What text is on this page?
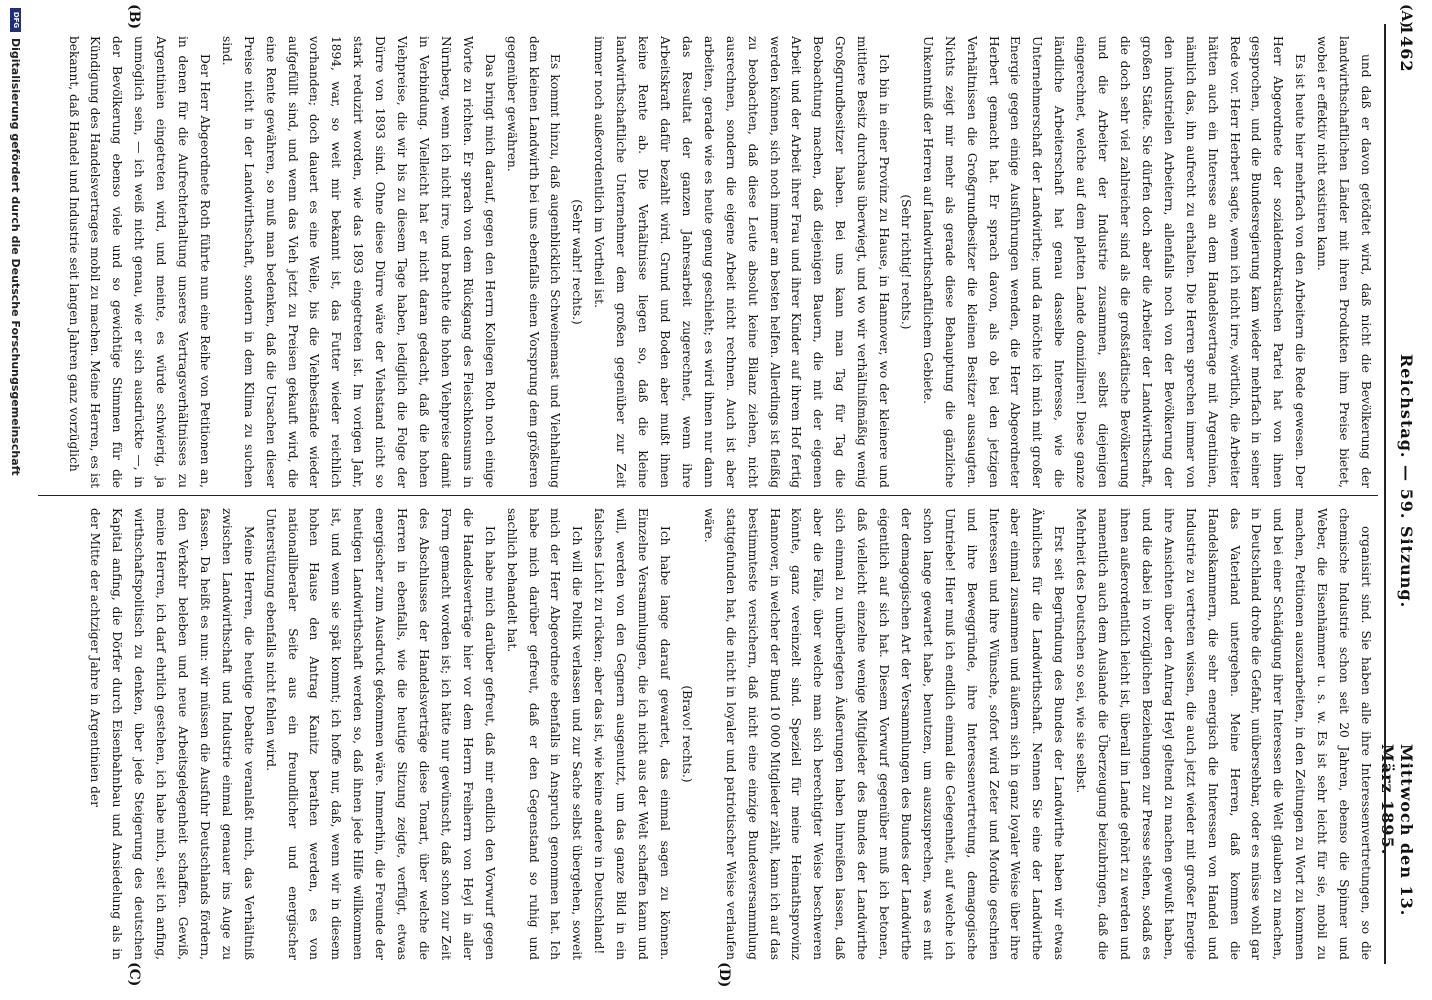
1462
Reichstag. — 59. Sitzung.
Mittwoch den 13. März 1895.
(A)
(B)
(C)	(D)

und daß er davon getödtet wird, daß nicht die Bevölkerung der landwirthschaftlichen Länder mit ihren Produkten ihm Preise bietet, wobei er effektiv nicht existiren kann.

Es ist heute hier mehrfach von den Arbeitern die Rede gewesen. Der Herr Abgeordnete der sozialdemokratischen Partei hat von ihnen gesprochen, und die Bundesregierung kam wieder mehrfach in seiner Rede vor. Herr Herbert sagte, wenn ich nicht irre, wörtlich, die Arbeiter hätten auch ein Interesse an dem Handelsvertrage mit Argentinien, nämlich das, ihn aufrecht zu erhalten. Die Herren sprechen immer von den industriellen Arbeitern, allenfalls noch von der Bevölkerung der großen Städte. Sie dürfen doch aber die Arbeiter der Landwirthschaft, die doch sehr viel zahlreicher sind als die großstädtische Bevölkerung und die Arbeiter der Industrie zusammen, selbst diejenigen eingerechnet, welche auf dem platten Lande domiziliren! Diese ganze ländliche Arbeiterschaft hat genau dasselbe Interesse, wie die Unternehmerschaft der Landwirthe; und da möchte ich mich mit großer Energie gegen einige Ausführungen wenden, die Herr Abgeordneter Herbert gemacht hat. Er sprach davon, als ob bei den jetzigen Verhältnissen die Großgrundbesitzer die kleinen Besitzer aussaugten. Nichts zeigt mir mehr als gerade diese Behauptung die gänzliche Unkenntniß der Herren auf landwirthschaftlichem Gebiete.

(Sehr richtig! rechts.)

Ich bin in einer Provinz zu Hause, in Hannover, wo der kleinere und mittlere Besitz durchaus überwiegt, und wo wir verhältnißmäßig wenig Großgrundbesitzer haben. Bei uns kann man Tag für Tag die Beobachtung machen, daß diejenigen Bauern, die mit der eigenen Arbeit und der Arbeit ihrer Frau und ihrer Kinder auf ihrem Hof fertig werden können, sich noch immer am besten helfen. Allerdings ist fleißig zu beobachten, daß diese Leute absolut keine Bilanz ziehen, nicht ausrechnen, sondern die eigene Arbeit nicht rechnen. Auch ist aber arbeiten, gerade wie es heute genug geschieht; es wird ihnen nur dann das Resultat der ganzen Jahresarbeit zugerechnet, wenn ihre Arbeitskraft dafür bezahlt wird. Grund und Boden aber mußt ihnen keine Rente ab. Die Verhältnisse liegen so, daß die kleine landwirthschaftliche Unternehmer dem großen gegenüber zur Zeit immer noch außerordentlich im Vortheil ist.

(Sehr wahr! rechts.)

Es kommt hinzu, daß augenblicklich Schweinemast und Viehhaltung dem kleinen Landwirth bei uns ebenfalls einen Vorsprung dem größeren gegenüber gewähren.

Das bringt mich darauf, gegen den Herrn Kollegen Roth noch einige Worte zu richten. Er sprach von dem Rückgang des Fleischkonsums in Nürnberg, wenn ich nicht irre, und brachte die hohen Viehpreise damit in Verbindung. Vielleicht hat er nicht daran gedacht, daß die hohen Viehpreise, die wir bis zu diesem Tage haben, lediglich die Folge der Dürre von 1893 sind. Ohne diese Dürre wäre der Viehstand nicht so stark reduzirt worden, wie das 1893 eingetreten ist. Im vorigen Jahr, 1894, war, so weit mir bekannt ist, das Futter wieder reichlich vorhanden; doch dauert es eine Weile, bis die Viehbestände wieder aufgefüllt sind, und wenn das Vieh jetzt zu Preisen gekauft wird, die eine Rente gewähren, so muß man bedenken, daß die Ursachen dieser Preise nicht in der Landwirthschaft, sondern in dem Klima zu suchen sind.

Der Herr Abgeordnete Roth führte nun eine Reihe von Petitionen an, in denen für die Aufrechterhaltung unseres Vertragsverhältnisses zu Argentinien eingetreten wird, und meinte, es würde schwierig, ja unmöglich sein, — ich weiß nicht genau, wie er sich ausdrückte —, in der Bevölkerung ebenso viele und so gewichtige Stimmen für die Kündigung des Handelsvertrages mobil zu machen. Meine Herren, es ist bekannt, daß Handel und Industrie seit langen Jahren ganz vorzüglich

organisirt sind. Sie haben alle ihre Interessenvertretungen, so die chemische Industrie schon seit 20 Jahren, ebenso die Spinner und Weber, die Eisenhämmer u. s. w. Es ist sehr leicht für sie, mobil zu machen, Petitionen auszuarbeiten, in den Zeitungen zu Wort zu kommen und bei einer Schädigung ihrer Interessen die Welt glauben zu machen, in Deutschland drohe die Gefahr, unübersehbar, oder es müsse wohl gar das Vaterland untergehen. Meine Herren, daß kommen die Handelskammern, die sehr energisch die Interessen von Handel und Industrie zu vertreten wissen, die auch jetzt wieder mit großer Energie ihre Ansichten über den Antrag Heyl geltend zu machen gewußt haben, und die dabei in vorzüglichen Beziehungen zur Presse stehen, sodaß es ihnen außerordentlich leicht ist, überall im Lande gehört zu werden und namentlich auch dem Auslande die Überzeugung beizubringen, daß die Mehrheit des Deutschen so sei, wie sie selbst.

Erst seit Begründung des Bundes der Landwirthe haben wir etwas Ähnliches für die Landwirthschaft. Nennen Sie eine der Landwirthe aber einmal zusammen und äußern sich in ganz loyaler Weise über ihre Interessen und ihre Wünsche, sofort wird Zeter und Mordio geschrien und ihre Beweggründe, ihre Interessenvertretung, demagogische Umtriebe! Hier muß ich endlich einmal die Gelegenheit, auf welche ich schon lange gewartet habe, benutzen, um auszusprechen, was es mit der demagogischen Art der Versammlungen des Bundes der Landwirthe eigentlich auf sich hat. Diesem Vorwurf gegenüber muß ich betonen, daß vielleicht einzelne wenige Mitglieder des Bundes der Landwirthe sich einmal zu unüberlegten Äußerungen haben hinreißen lassen, daß aber die Fälle, über welche man sich berechtigter Weise beschweren könnte, ganz vereinzelt sind. Speziell für meine Heimathsprovinz Hannover, in welcher der Bund 10 000 Mitglieder zählt, kann ich auf das bestimmteste versichern, daß nicht eine einzige Bundesversammlung stattgefunden hat, die nicht in loyaler und patriotischer Weise verlaufen wäre.

(Bravo! rechts.)

Ich habe lange darauf gewartet, das einmal sagen zu können. Einzelne Versammlungen, die ich nicht aus der Welt schaffen kann und will, werden von den Gegnern ausgenutzt, um das ganze Bild in ein falsches Licht zu rücken; aber das ist, wie keine andere in Deutschland!

Ich will die Politik verlassen und zur Sache selbst übergehen, soweit mich der Herr Abgeordnete ebenfalls in Anspruch genommen hat. Ich habe mich darüber gefreut, daß er den Gegenstand so ruhig und sachlich behandelt hat.

Ich habe mich darüber gefreut, daß mir endlich den Vorwurf gegen die Handelsverträge hier vor dem Herrn Freiherrn von Heyl in aller Form gemacht worden ist; ich hätte nur gewünscht, daß schon zur Zeit des Abschlusses der Handelsverträge diese Tonart, über welche die Herren in ebenfalls, wie die heutige Sitzung zeigte, verfügt, etwas energischer zum Ausdruck gekommen wäre. Immerhin, die Freunde der heutigen Landwirthschaft werden so, daß ihnen jede Hilfe willkommen ist, und wenn sie spät kommt; ich hoffe nur, daß, wenn wir in diesem hohen Hause den Antrag Kanitz berathen werden, es von nationalliberaler Seite aus ein freundlicher und energischer Unterstützung ebenfalls nicht fehlen wird.

Meine Herren, die heutige Debatte veranlaßt mich, das Verhältniß zwischen Landwirthschaft und Industrie einmal genauer ins Auge zu fassen. Da heißt es nun: wir müssen die Ausfuhr Deutschlands fördern, den Verkehr beleben und neue Arbeitsgelegenheit schaffen. Gewiß, meine Herren, ich darf ehrlich gestehen, ich habe mich, seit ich anfing, wirthschaftspolitisch zu denken, über jede Steigerung des deutschen Kapital anfing, die Dörfer durch Eisenbahnbau und Ansiedelung als in der Mitte der achtziger Jahre in Argentinien der

DFG
Digitalisierung gefördert durch die Deutsche Forschungsgemeinschaft
